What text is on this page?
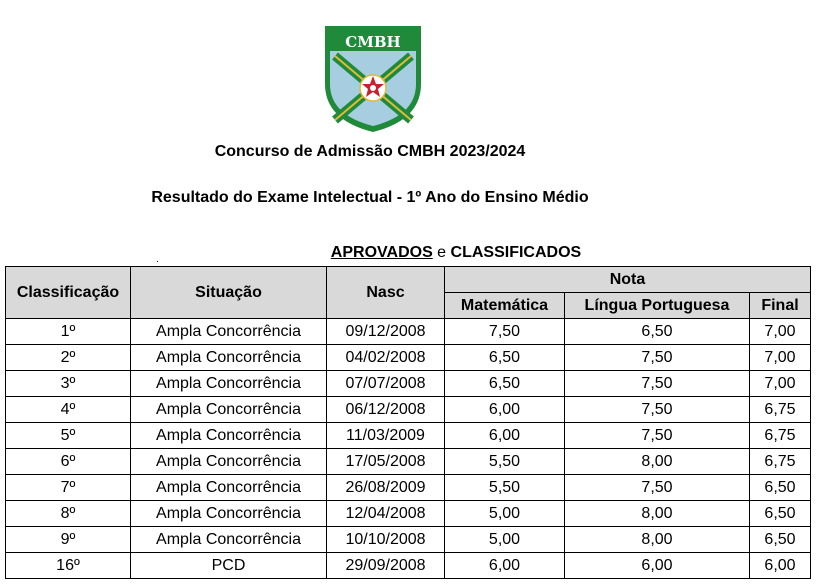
CMBH
Concurso de Admissão CMBH 2023/2024
Resultado do Exame Intelectual - 1º Ano do Ensino Médio
APROVADOS e CLASSIFICADOS
.
Classificação	Situação	Nasc	Nota		
			Matemática	Língua Portuguesa	Final
1º	Ampla Concorrência	09/12/2008	7,50	6,50	7,00
2º	Ampla Concorrência	04/02/2008	6,50	7,50	7,00
3º	Ampla Concorrência	07/07/2008	6,50	7,50	7,00
4º	Ampla Concorrência	06/12/2008	6,00	7,50	6,75
5º	Ampla Concorrência	11/03/2009	6,00	7,50	6,75
6º	Ampla Concorrência	17/05/2008	5,50	8,00	6,75
7º	Ampla Concorrência	26/08/2009	5,50	7,50	6,50
8º	Ampla Concorrência	12/04/2008	5,00	8,00	6,50
9º	Ampla Concorrência	10/10/2008	5,00	8,00	6,50
16º	PCD	29/09/2008	6,00	6,00	6,00
